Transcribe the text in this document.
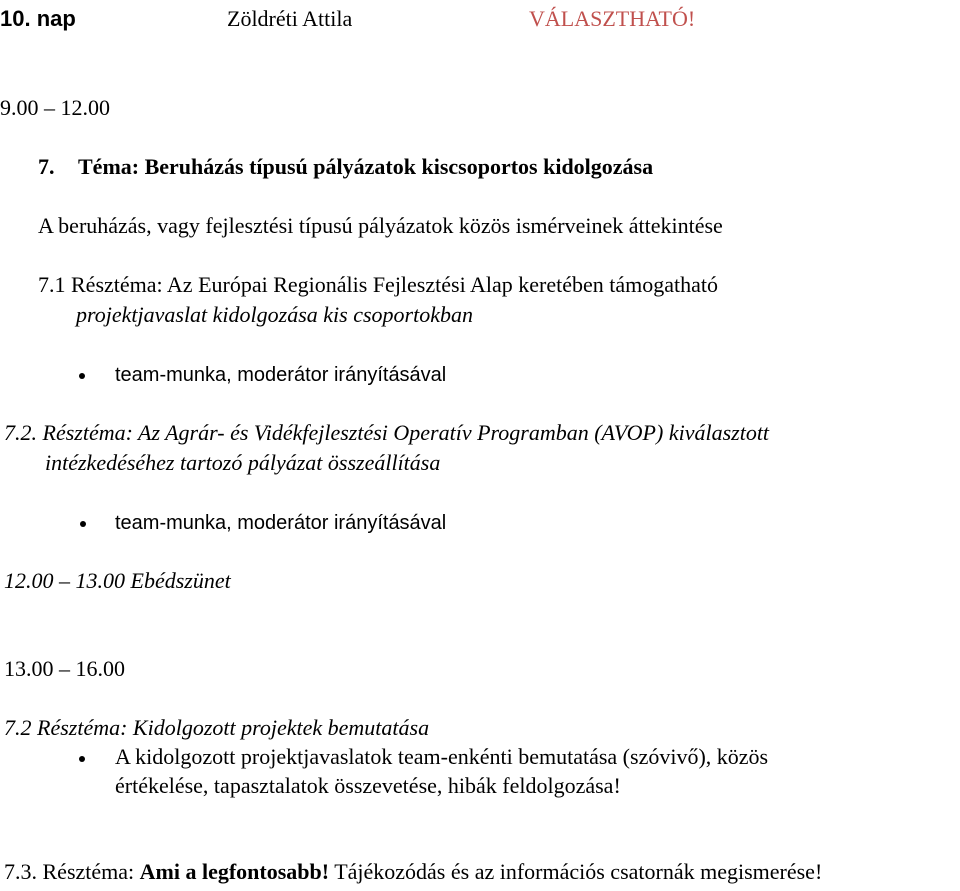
10. nap	Zöldréti Attila	VÁLASZTHATÓ!
9.00 – 12.00
7. Téma: Beruházás típusú pályázatok kiscsoportos kidolgozása
A beruházás, vagy fejlesztési típusú pályázatok közös ismérveinek áttekintése
7.1 Résztéma: Az Európai Regionális Fejlesztési Alap keretében támogatható
projektjavaslat kidolgozása kis csoportokban
team-munka, moderátor irányításával
7.2. Résztéma: Az Agrár- és Vidékfejlesztési Operatív Programban (AVOP) kiválasztott
intézkedéséhez tartozó pályázat összeállítása
team-munka, moderátor irányításával
12.00 – 13.00 Ebédszünet
13.00 – 16.00
7.2 Résztéma: Kidolgozott projektek bemutatása
A kidolgozott projektjavaslatok team-enkénti bemutatása (szóvivő), közös
értékelése, tapasztalatok összevetése, hibák feldolgozása!
7.3. Résztéma: Ami a legfontosabb! Tájékozódás és az információs csatornák megismerése!
